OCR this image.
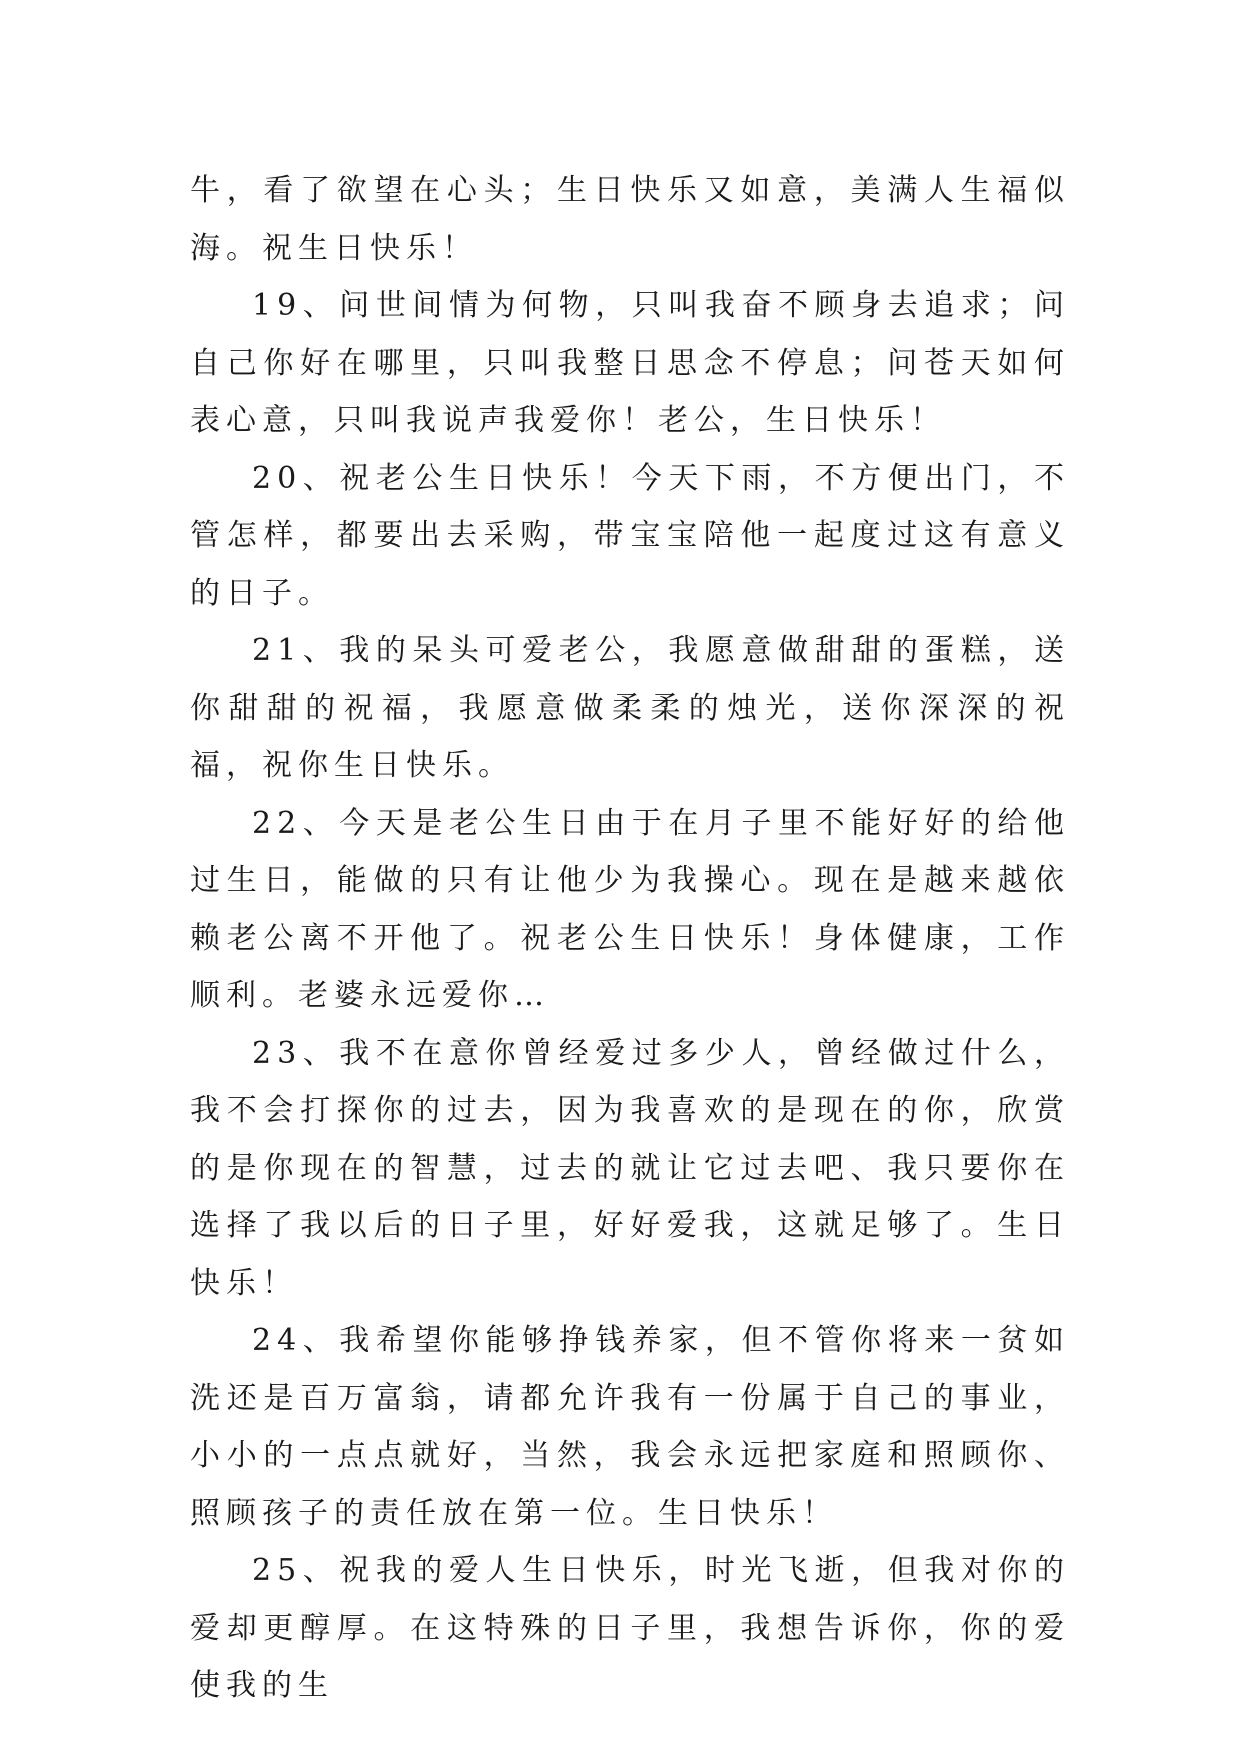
牛，看了欲望在心头；生日快乐又如意，美满人生福似海。祝生日快乐！

19、问世间情为何物，只叫我奋不顾身去追求；问自己你好在哪里，只叫我整日思念不停息；问苍天如何表心意，只叫我说声我爱你！老公，生日快乐！

20、祝老公生日快乐！今天下雨，不方便出门，不管怎样，都要出去采购，带宝宝陪他一起度过这有意义的日子。

21、我的呆头可爱老公，我愿意做甜甜的蛋糕，送你甜甜的祝福，我愿意做柔柔的烛光，送你深深的祝福，祝你生日快乐。

22、今天是老公生日由于在月子里不能好好的给他过生日，能做的只有让他少为我操心。现在是越来越依赖老公离不开他了。祝老公生日快乐！身体健康，工作顺利。老婆永远爱你…

23、我不在意你曾经爱过多少人，曾经做过什么，我不会打探你的过去，因为我喜欢的是现在的你，欣赏的是你现在的智慧，过去的就让它过去吧、我只要你在选择了我以后的日子里，好好爱我，这就足够了。生日快乐！

24、我希望你能够挣钱养家，但不管你将来一贫如洗还是百万富翁，请都允许我有一份属于自己的事业，小小的一点点就好，当然，我会永远把家庭和照顾你、照顾孩子的责任放在第一位。生日快乐！

25、祝我的爱人生日快乐，时光飞逝，但我对你的爱却更醇厚。在这特殊的日子里，我想告诉你，你的爱使我的生
